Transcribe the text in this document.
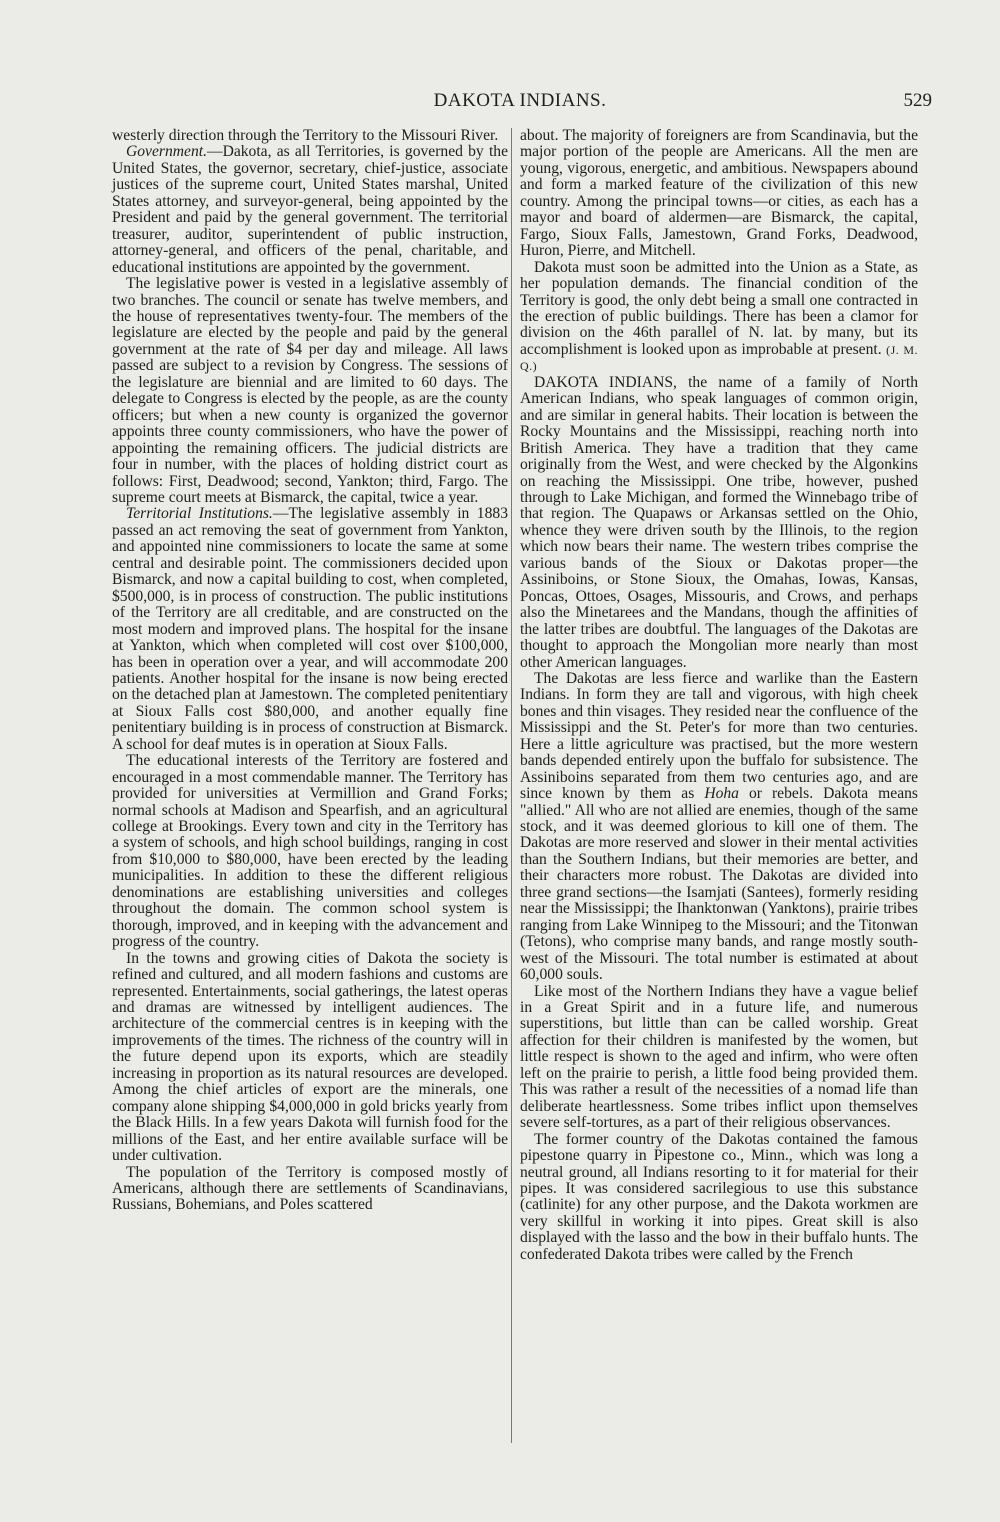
DAKOTA INDIANS.	529

westerly direction through the Territory to the Missouri River.

Government.—Dakota, as all Territories, is governed by the United States, the governor, secretary, chief-justice, associate justices of the supreme court, United States marshal, United States attorney, and surveyor-general, being appointed by the President and paid by the general government. The territorial treasurer, auditor, superintendent of public instruction, attorney-general, and officers of the penal, charitable, and educational institutions are appointed by the government.

The legislative power is vested in a legislative assembly of two branches. The council or senate has twelve members, and the house of representatives twenty-four. The members of the legislature are elected by the people and paid by the general government at the rate of $4 per day and mileage. All laws passed are subject to a revision by Congress. The sessions of the legislature are biennial and are limited to 60 days. The delegate to Congress is elected by the people, as are the county officers; but when a new county is organized the governor appoints three county commissioners, who have the power of appointing the remaining officers. The judicial districts are four in number, with the places of holding district court as follows: First, Deadwood; second, Yankton; third, Fargo. The supreme court meets at Bismarck, the capital, twice a year.

Territorial Institutions.—The legislative assembly in 1883 passed an act removing the seat of government from Yankton, and appointed nine commissioners to locate the same at some central and desirable point. The commissioners decided upon Bismarck, and now a capital building to cost, when completed, $500,000, is in process of construction. The public institutions of the Territory are all creditable, and are constructed on the most modern and improved plans. The hospital for the insane at Yankton, which when completed will cost over $100,000, has been in operation over a year, and will accommodate 200 patients. Another hospital for the insane is now being erected on the detached plan at Jamestown. The completed penitentiary at Sioux Falls cost $80,000, and another equally fine penitentiary building is in process of construction at Bismarck. A school for deaf mutes is in operation at Sioux Falls.

The educational interests of the Territory are fostered and encouraged in a most commendable manner. The Territory has provided for universities at Vermillion and Grand Forks; normal schools at Madison and Spearfish, and an agricultural college at Brookings. Every town and city in the Territory has a system of schools, and high school buildings, ranging in cost from $10,000 to $80,000, have been erected by the leading municipalities. In addition to these the different religious denominations are establishing universities and colleges throughout the domain. The common school system is thorough, improved, and in keeping with the advancement and progress of the country.

In the towns and growing cities of Dakota the society is refined and cultured, and all modern fashions and customs are represented. Entertainments, social gatherings, the latest operas and dramas are witnessed by intelligent audiences. The architecture of the commercial centres is in keeping with the improvements of the times. The richness of the country will in the future depend upon its exports, which are steadily increasing in proportion as its natural resources are developed. Among the chief articles of export are the minerals, one company alone shipping $4,000,000 in gold bricks yearly from the Black Hills. In a few years Dakota will furnish food for the millions of the East, and her entire available surface will be under cultivation.

The population of the Territory is composed mostly of Americans, although there are settlements of Scandinavians, Russians, Bohemians, and Poles scattered

about. The majority of foreigners are from Scandinavia, but the major portion of the people are Americans. All the men are young, vigorous, energetic, and ambitious. Newspapers abound and form a marked feature of the civilization of this new country. Among the principal towns—or cities, as each has a mayor and board of aldermen—are Bismarck, the capital, Fargo, Sioux Falls, Jamestown, Grand Forks, Deadwood, Huron, Pierre, and Mitchell.

Dakota must soon be admitted into the Union as a State, as her population demands. The financial condition of the Territory is good, the only debt being a small one contracted in the erection of public buildings. There has been a clamor for division on the 46th parallel of N. lat. by many, but its accomplishment is looked upon as improbable at present. (J. M. Q.)

DAKOTA INDIANS, the name of a family of North American Indians, who speak languages of common origin, and are similar in general habits. Their location is between the Rocky Mountains and the Mississippi, reaching north into British America. They have a tradition that they came originally from the West, and were checked by the Algonkins on reaching the Mississippi. One tribe, however, pushed through to Lake Michigan, and formed the Winnebago tribe of that region. The Quapaws or Arkansas settled on the Ohio, whence they were driven south by the Illinois, to the region which now bears their name. The western tribes comprise the various bands of the Sioux or Dakotas proper—the Assiniboins, or Stone Sioux, the Omahas, Iowas, Kansas, Poncas, Ottoes, Osages, Missouris, and Crows, and perhaps also the Minetarees and the Mandans, though the affinities of the latter tribes are doubtful. The languages of the Dakotas are thought to approach the Mongolian more nearly than most other American languages.

The Dakotas are less fierce and warlike than the Eastern Indians. In form they are tall and vigorous, with high cheek bones and thin visages. They resided near the confluence of the Mississippi and the St. Peter's for more than two centuries. Here a little agriculture was practised, but the more western bands depended entirely upon the buffalo for subsistence. The Assiniboins separated from them two centuries ago, and are since known by them as Hoha or rebels. Dakota means "allied." All who are not allied are enemies, though of the same stock, and it was deemed glorious to kill one of them. The Dakotas are more reserved and slower in their mental activities than the Southern Indians, but their memories are better, and their characters more robust. The Dakotas are divided into three grand sections—the Isamjati (Santees), formerly residing near the Mississippi; the Ihanktonwan (Yanktons), prairie tribes ranging from Lake Winnipeg to the Missouri; and the Titonwan (Tetons), who comprise many bands, and range mostly south-west of the Missouri. The total number is estimated at about 60,000 souls.

Like most of the Northern Indians they have a vague belief in a Great Spirit and in a future life, and numerous superstitions, but little than can be called worship. Great affection for their children is manifested by the women, but little respect is shown to the aged and infirm, who were often left on the prairie to perish, a little food being provided them. This was rather a result of the necessities of a nomad life than deliberate heartlessness. Some tribes inflict upon themselves severe self-tortures, as a part of their religious observances.

The former country of the Dakotas contained the famous pipestone quarry in Pipestone co., Minn., which was long a neutral ground, all Indians resorting to it for material for their pipes. It was considered sacrilegious to use this substance (catlinite) for any other purpose, and the Dakota workmen are very skillful in working it into pipes. Great skill is also displayed with the lasso and the bow in their buffalo hunts. The confederated Dakota tribes were called by the French
